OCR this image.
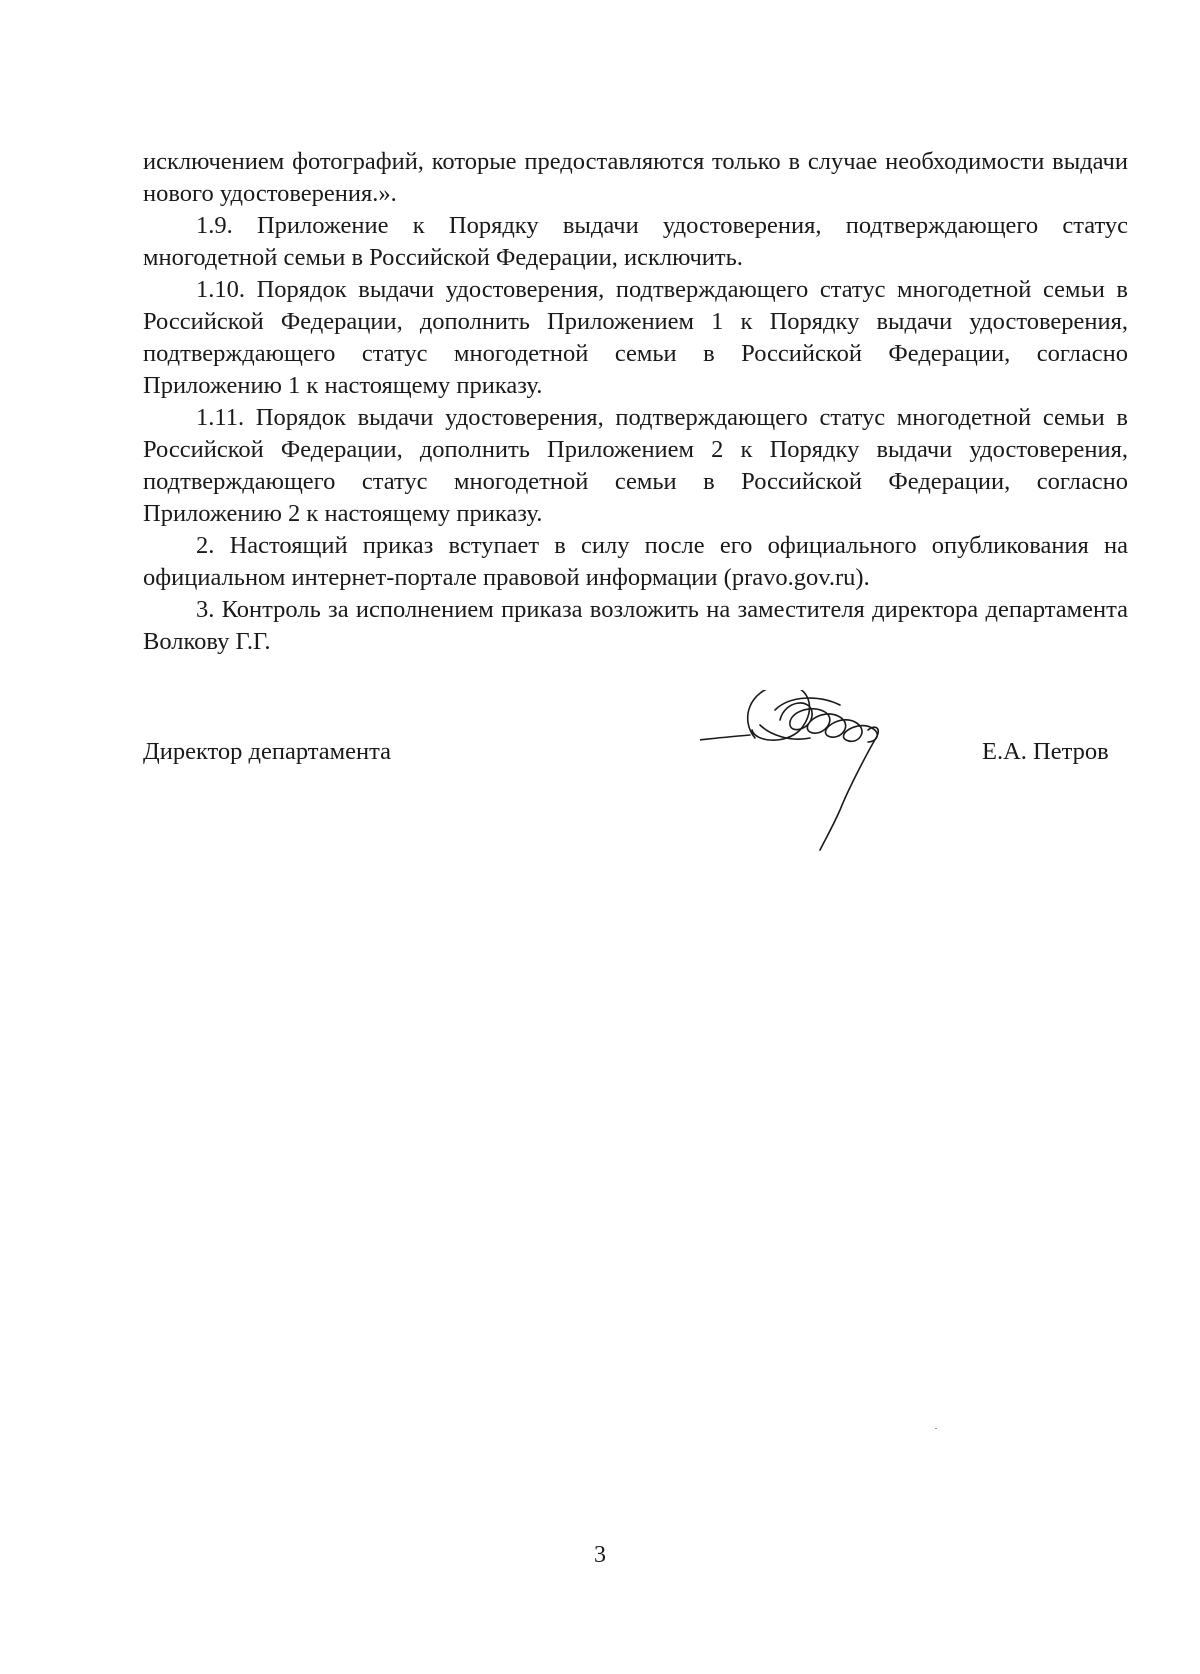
исключением фотографий, которые предоставляются только в случае необходимости выдачи нового удостоверения.».

1.9. Приложение к Порядку выдачи удостоверения, подтверждающего статус многодетной семьи в Российской Федерации, исключить.

1.10. Порядок выдачи удостоверения, подтверждающего статус многодетной семьи в Российской Федерации, дополнить Приложением 1 к Порядку выдачи удостоверения, подтверждающего статус многодетной семьи в Российской Федерации, согласно Приложению 1 к настоящему приказу.

1.11. Порядок выдачи удостоверения, подтверждающего статус многодетной семьи в Российской Федерации, дополнить Приложением 2 к Порядку выдачи удостоверения, подтверждающего статус многодетной семьи в Российской Федерации, согласно Приложению 2 к настоящему приказу.

2. Настоящий приказ вступает в силу после его официального опубликования на официальном интернет-портале правовой информации (pravo.gov.ru).

3. Контроль за исполнением приказа возложить на заместителя директора департамента Волкову Г.Г.

Директор департамента	Е.А. Петров
3
